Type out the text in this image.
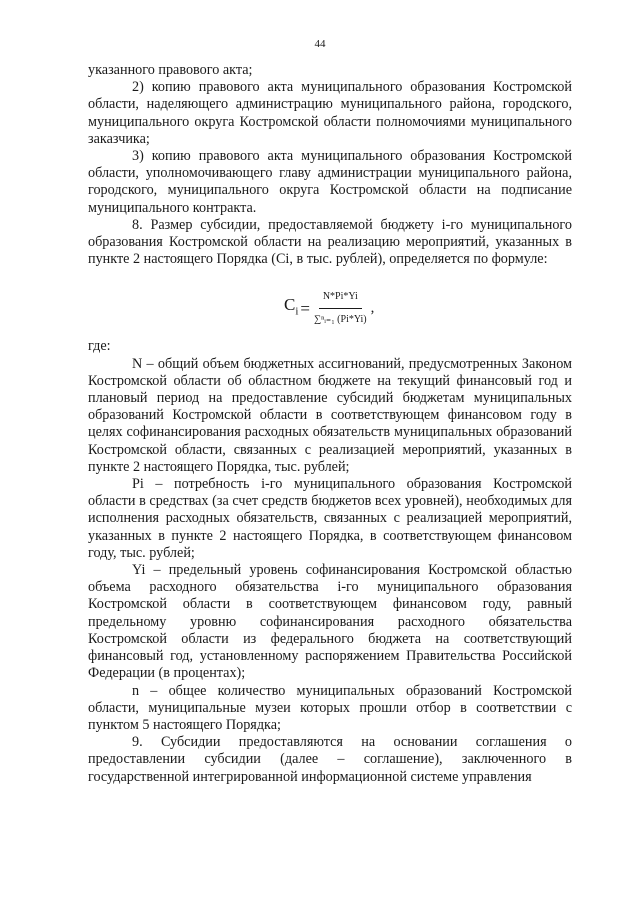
44

указанного правового акта;

2) копию правового акта муниципального образования Костромской области, наделяющего администрацию муниципального района, городского, муниципального округа Костромской области полномочиями муниципального заказчика;

3) копию правового акта муниципального образования Костромской области, уполномочивающего главу администрации муниципального района, городского, муниципального округа Костромской области на подписание муниципального контракта.

8. Размер субсидии, предоставляемой бюджету i-го муниципального образования Костромской области на реализацию мероприятий, указанных в пункте 2 настоящего Порядка (Ci, в тыс. рублей), определяется по формуле:

$C_i = \frac{N*Pi*Yi}{\text{∑ⁿᵢ₌₁ (Pi*Yi)}}$ ,

где:

N – общий объем бюджетных ассигнований, предусмотренных Законом Костромской области об областном бюджете на текущий финансовый год и плановый период на предоставление субсидий бюджетам муниципальных образований Костромской области в соответствующем финансовом году в целях софинансирования расходных обязательств муниципальных образований Костромской области, связанных с реализацией мероприятий, указанных в пункте 2 настоящего Порядка, тыс. рублей;

Pi – потребность i-го муниципального образования Костромской области в средствах (за счет средств бюджетов всех уровней), необходимых для исполнения расходных обязательств, связанных с реализацией мероприятий, указанных в пункте 2 настоящего Порядка, в соответствующем финансовом году, тыс. рублей;

Yi – предельный уровень софинансирования Костромской областью объема расходного обязательства i-го муниципального образования Костромской области в соответствующем финансовом году, равный предельному уровню софинансирования расходного обязательства Костромской области из федерального бюджета на соответствующий финансовый год, установленному распоряжением Правительства Российской Федерации (в процентах);

n – общее количество муниципальных образований Костромской области, муниципальные музеи которых прошли отбор в соответствии с пунктом 5 настоящего Порядка;

9. Субсидии предоставляются на основании соглашения о предоставлении субсидии (далее – соглашение), заключенного в государственной интегрированной информационной системе управления
